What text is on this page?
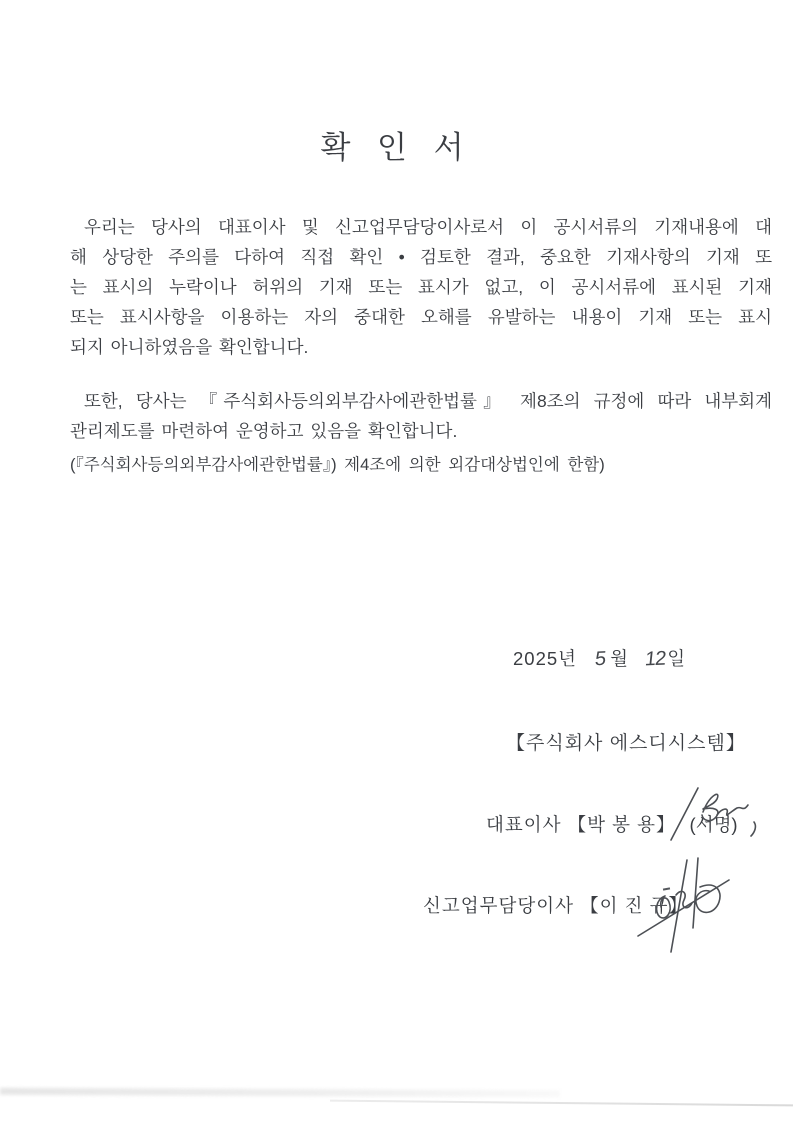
확 인 서
우리는 당사의 대표이사 및 신고업무담당이사로서 이 공시서류의 기재내용에 대
해 상당한 주의를 다하여 직접 확인 • 검토한 결과, 중요한 기재사항의 기재 또
는 표시의 누락이나 허위의 기재 또는 표시가 없고, 이 공시서류에 표시된 기재
또는 표시사항을 이용하는 자의 중대한 오해를 유발하는 내용이 기재 또는 표시
되지 아니하였음을 확인합니다.
또한, 당사는 『주식회사등의외부감사에관한법률』 제8조의 규정에 따라 내부회계
관리제도를 마련하여 운영하고 있음을 확인합니다.
(『주식회사등의외부감사에관한법률』) 제4조에 의한 외감대상법인에 한함)
2025년 5월 12일
【주식회사 에스디시스템】
대표이사 【박 봉 용】 (서명)
신고업무담당이사 【이 진 규】
